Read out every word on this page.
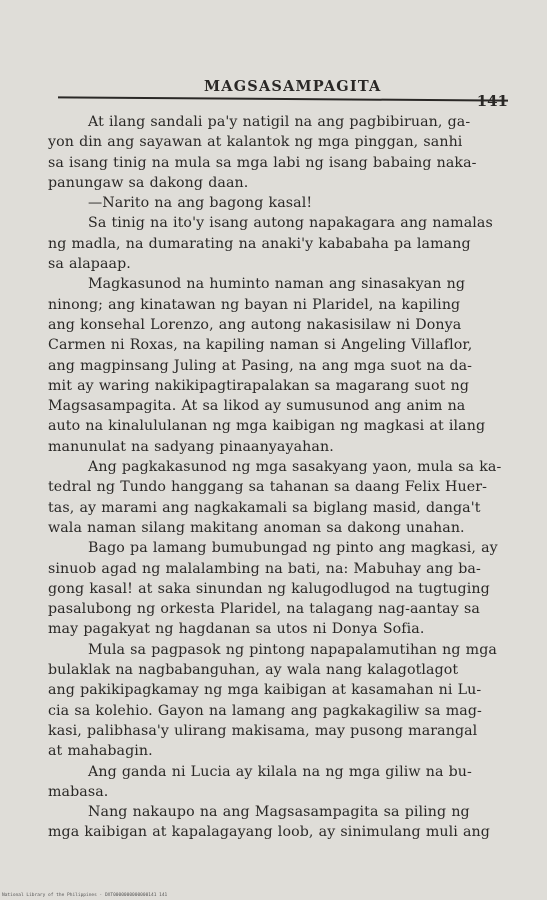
MAGSASAMPAGITA

At ilang sandali pa'y natigil na ang pagbibiruan, ga-
yon din ang sayawan at kalantok ng mga pinggan, sanhi
sa isang tinig na mula sa mga labi ng isang babaing naka-
panungaw sa dakong daan.

—Narito na ang bagong kasal!

Sa tinig na ito'y isang autong napakagara ang namalas
ng madla, na dumarating na anaki'y kababaha pa lamang
sa alapaap.

Magkasunod na huminto naman ang sinasakyan ng
ninong; ang kinatawan ng bayan ni Plaridel, na kapiling
ang konsehal Lorenzo, ang autong nakasisilaw ni Donya
Carmen ni Roxas, na kapiling naman si Angeling Villaflor,
ang magpinsang Juling at Pasing, na ang mga suot na da-
mit ay waring nakikipagtirapalakan sa magarang suot ng
Magsasampagita. At sa likod ay sumusunod ang anim na
auto na kinalululanan ng mga kaibigan ng magkasi at ilang
manunulat na sadyang pinaanyayahan.

Ang pagkakasunod ng mga sasakyang yaon, mula sa ka-
tedral ng Tundo hanggang sa tahanan sa daang Felix Huer-
tas, ay marami ang nagkakamali sa biglang masid, danga't
wala naman silang makitang anoman sa dakong unahan.

Bago pa lamang bumubungad ng pinto ang magkasi, ay
sinuob agad ng malalambing na bati, na: Mabuhay ang ba-
gong kasal! at saka sinundan ng kalugodlugod na tugtuging
pasalubong ng orkesta Plaridel, na talagang nag-aantay sa
may pagakyat ng hagdanan sa utos ni Donya Sofia.

Mula sa pagpasok ng pintong napapalamutihan ng mga
bulaklak na nagbabanguhan, ay wala nang kalagotlagot
ang pakikipagkamay ng mga kaibigan at kasamahan ni Lu-
cia sa kolehio. Gayon na lamang ang pagkakagiliw sa mag-
kasi, palibhasa'y ulirang makisama, may pusong marangal
at mahabagin.

Ang ganda ni Lucia ay kilala na ng mga giliw na bu-
mabasa.

Nang nakaupo na ang Magsasampagita sa piling ng
mga kaibigan at kapalagayang loob, ay sinimulang muli ang

National Library of the Philippines · DXT0000000000000141 141
